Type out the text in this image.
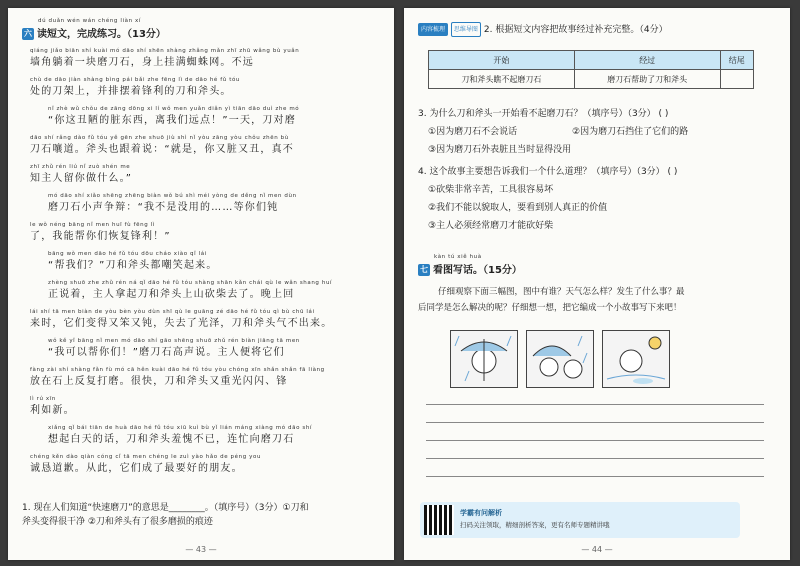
dú duǎn wén wán chéng liàn xí
六 读短文，完成练习。（13分）
qiáng jiǎo biān shí kuài mó dāo shí shēn shàng zhǎng mǎn zhī zhū wǎng bù yuǎn
墙角躺着一块磨刀石，身上挂满蜘蛛网。不远
chù de dāo jiàn shàng bìng pái bǎi zhe fēng lì de dāo hé fǔ tóu
处的刀架上，并排摆着锋利的刀和斧头。
nǐ zhè wǔ chǒu de zāng dōng xi lí wǒ men yuǎn diǎn yì tiān dāo duì zhe mó
“你这丑陋的脏东西，离我们远点！”一天，刀对磨
dāo shí rǎng dào fǔ tóu yě gēn zhe shuō jiù shì nǐ yòu zāng yòu chǒu zhēn bù
刀石嚷道。斧头也跟着说：“就是，你又脏又丑，真不
zhī zhǔ rén liú nǐ zuò shén me
知主人留你做什么。”
mó dāo shí xiǎo shēng zhēng biàn wǒ bú shì méi yòng de děng nǐ men dùn
磨刀石小声争辩：“我不是没用的……等你们钝
le wǒ néng bāng nǐ men huī fù fēng lì
了，我能帮你们恢复锋利！”
bāng wǒ men dāo hé fǔ tóu dōu cháo xiào qǐ lái
“帮我们？”刀和斧头都嘲笑起来。
zhèng shuō zhe zhǔ rén ná qǐ dāo hé fǔ tóu shàng shān kǎn chái qù le wǎn shang huí
正说着，主人拿起刀和斧头上山砍柴去了。晚上回
lái shí tā men biàn de yòu bèn yòu dùn shī qù le guāng zé dāo hé fǔ tóu qì bù chū lái
来时，它们变得又笨又钝，失去了光泽，刀和斧头气不出来。
wǒ kě yǐ bāng nǐ men mó dāo shí gāo shēng shuō zhǔ rén biàn jiāng tā men
“我可以帮你们！”磨刀石高声说。主人便将它们
fàng zài shí shàng fǎn fù mó cā hěn kuài dāo hé fǔ tóu yòu chóng xīn shǎn shǎn fā liàng
放在石上反复打磨。很快，刀和斧头又重光闪闪、锋
lì rú xīn
利如新。
xiǎng qǐ bái tiān de huà dāo hé fǔ tóu xiū kuì bù yǐ lián máng xiàng mó dāo shí
想起白天的话，刀和斧头羞愧不已，连忙向磨刀石
chéng kěn dào qiàn cóng cǐ tā men chéng le zuì yào hǎo de péng you
诚恳道歉。从此，它们成了最要好的朋友。
1. 现在人们知道“快速磨刀”的意思是________。（填序号）（3分）①刀和
斧头变得很干净 ②刀和斧头有了很多磨损的痕迹
— 43 —
内容梳理 思维导图 2. 根据短文内容把故事经过补充完整。（4分）
开始	经过	结尾
刀和斧头瞧不起磨刀石	磨刀石帮助了刀和斧头	
3. 为什么刀和斧头一开始看不起磨刀石？（填序号）（3分） ( )
①因为磨刀石不会说话	②因为磨刀石挡住了它们的路
③因为磨刀石外表脏且当时显得没用
4. 这个故事主要想告诉我们一个什么道理？（填序号）（3分） ( )
①砍柴非常辛苦，工具很容易坏
②我们不能以貌取人，要看到别人真正的价值
③主人必须经常磨刀才能砍好柴
kàn tú xiě huà
七 看图写话。（15分）
仔细观察下面三幅图，图中有谁？天气怎么样？发生了什么事？最
后同学是怎么解决的呢？仔细想一想，把它编成一个小故事写下来吧！
学霸有问解析
扫码关注领取，精细剖析答案，更有名师专题精讲哦
— 44 —
